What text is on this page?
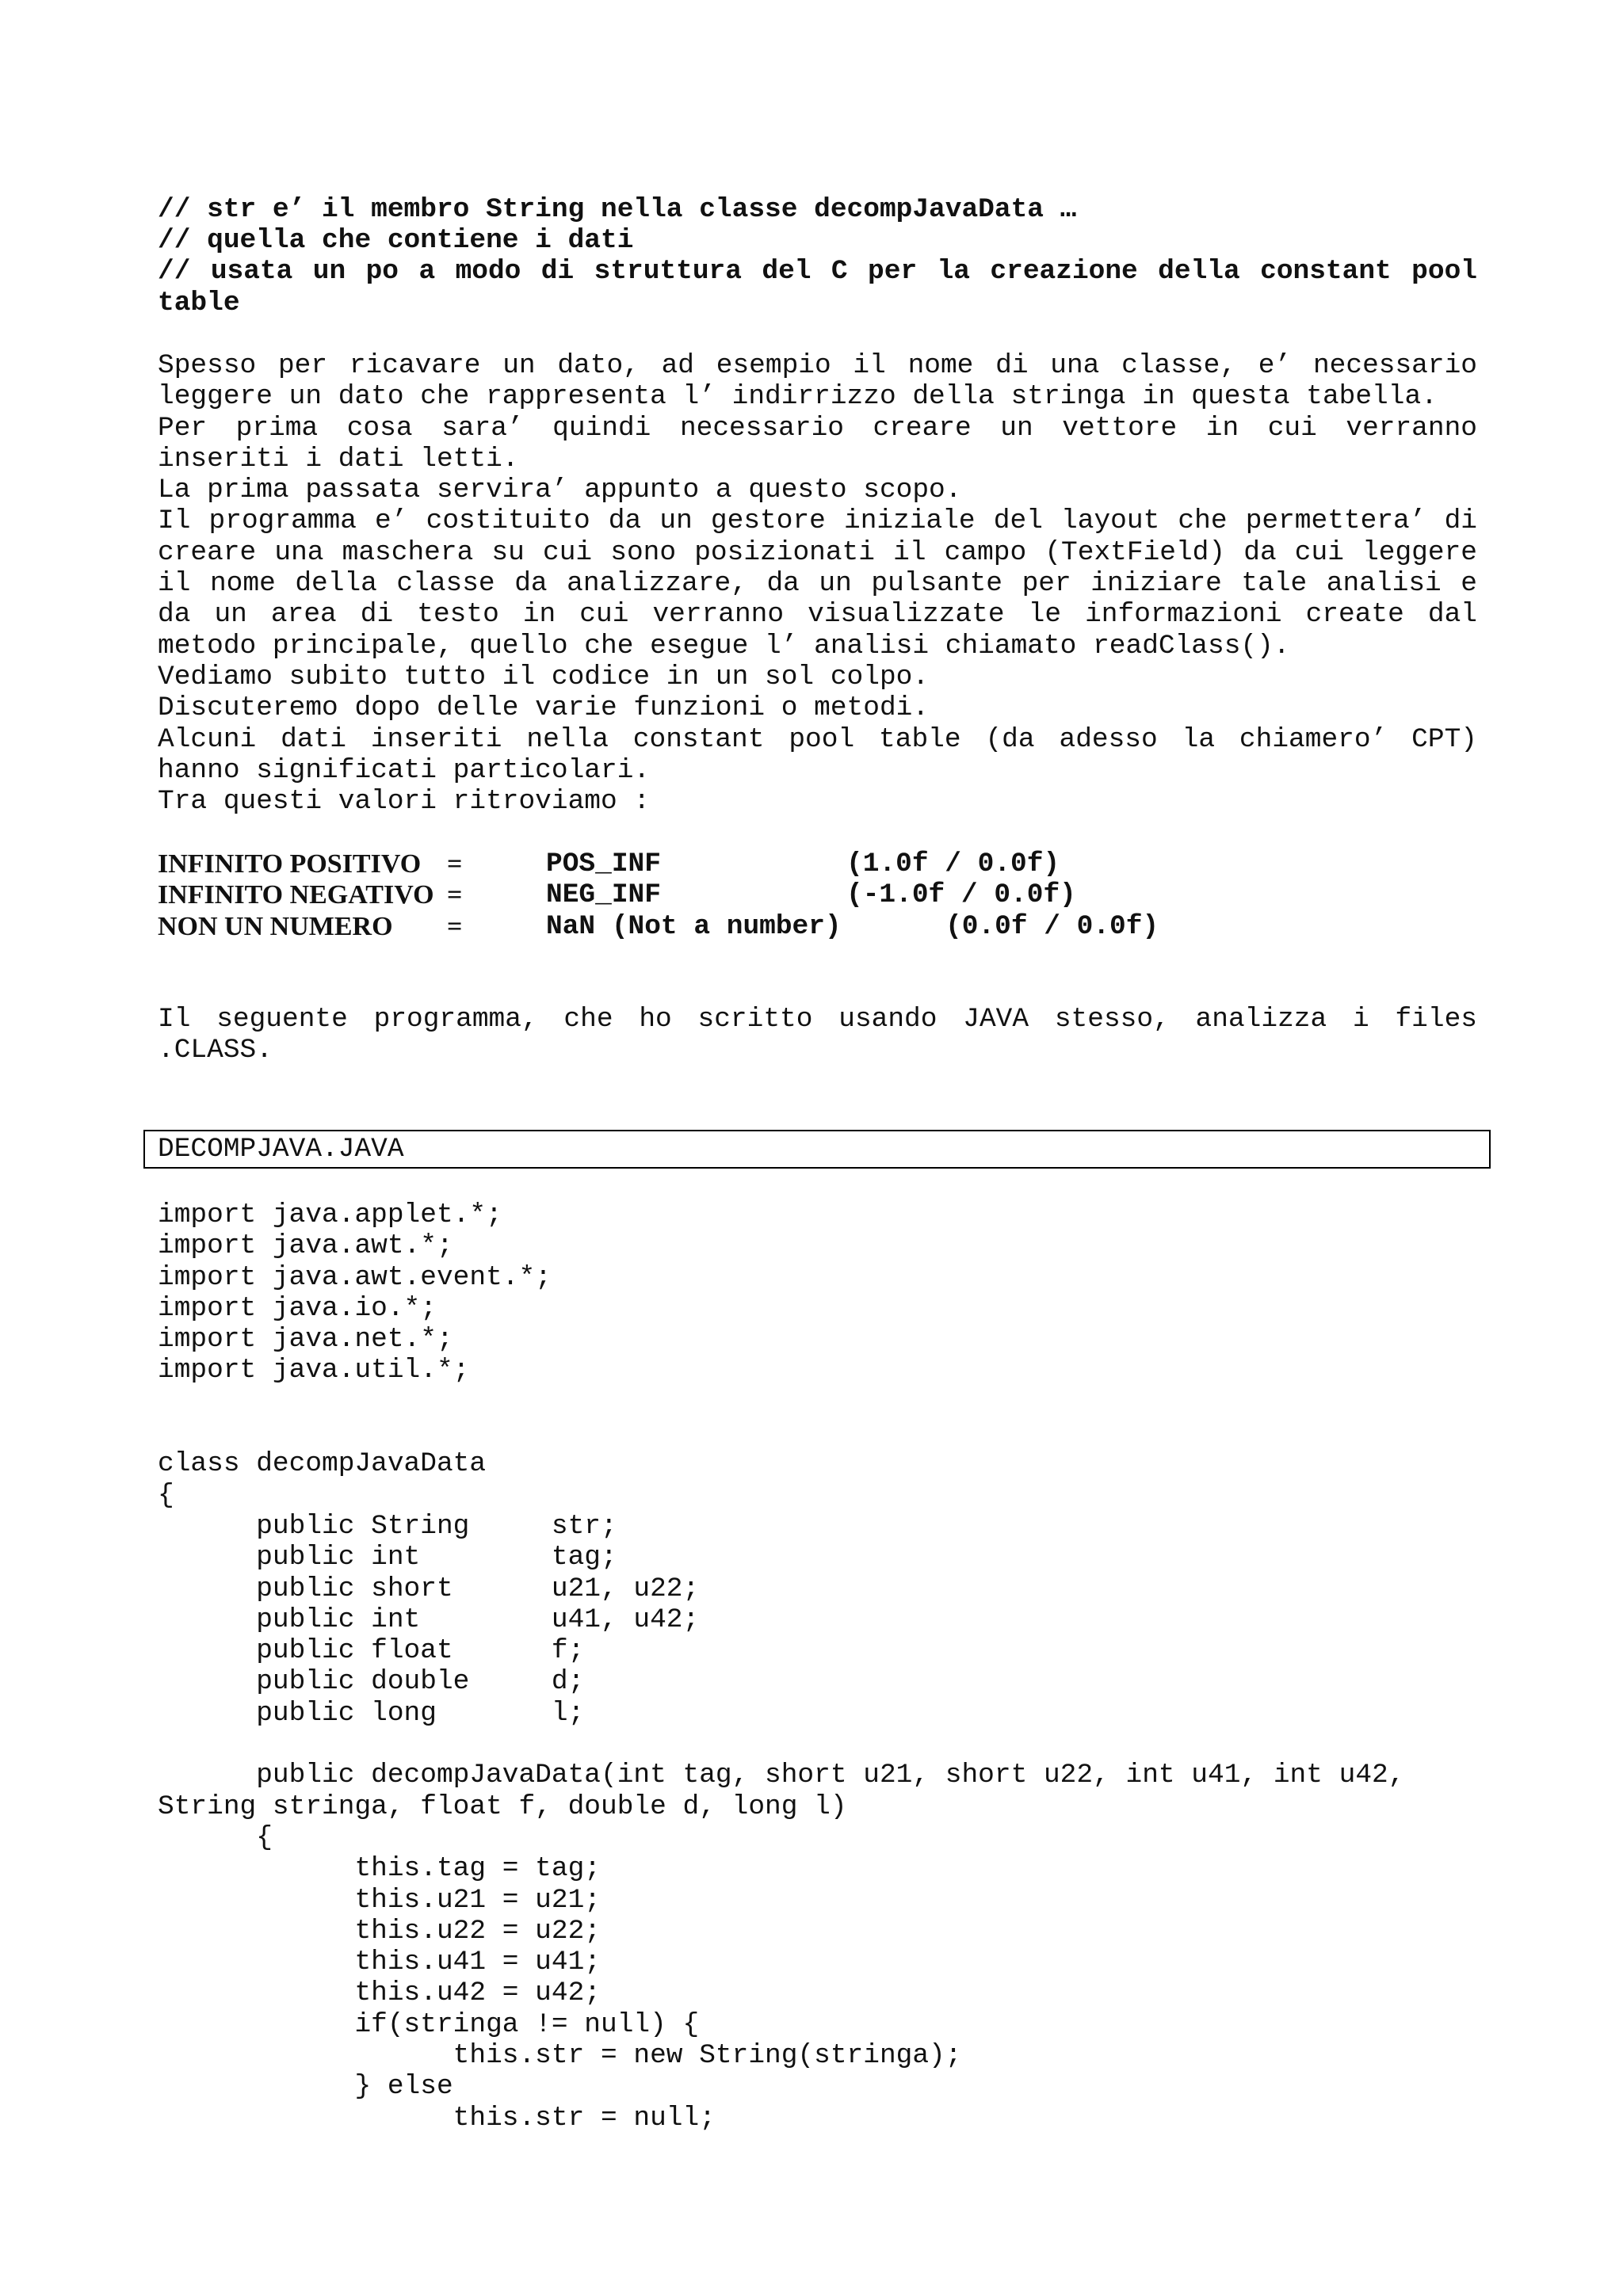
// str e’ il membro String nella classe decompJavaData …
// quella che contiene i dati
// usata un po a modo di struttura del C per la creazione della constant pool
table
Spesso per ricavare un dato, ad esempio il nome di una classe, e’ necessario
leggere un dato che rappresenta l’ indirrizzo della stringa in questa tabella.
Per prima cosa sara’ quindi necessario creare un vettore in cui verranno
inseriti i dati letti.
La prima passata servira’ appunto a questo scopo.
Il programma e’ costituito da un gestore iniziale del layout che permettera’ di
creare una maschera su cui sono posizionati il campo (TextField) da cui leggere
il nome della classe da analizzare, da un pulsante per iniziare tale analisi e
da un area di testo in cui verranno visualizzate le informazioni create dal
metodo principale, quello che esegue l’ analisi chiamato readClass().
Vediamo subito tutto il codice in un sol colpo.
Discuteremo dopo delle varie funzioni o metodi.
Alcuni dati inseriti nella constant pool table (da adesso la chiamero’ CPT)
hanno significati particolari.
Tra questi valori ritroviamo :
INFINITO POSITIVO =	POS_INF	(1.0f / 0.0f)
INFINITO NEGATIVO =	NEG_INF	(-1.0f / 0.0f)
NON UN NUMERO =	NaN (Not a number)	(0.0f / 0.0f)
Il seguente programma, che ho scritto usando JAVA stesso, analizza i files
.CLASS.
DECOMPJAVA.JAVA
import java.applet.*;
import java.awt.*;
import java.awt.event.*;
import java.io.*;
import java.net.*;
import java.util.*;
class decompJavaData
{
public String     str;
public int        tag;
public short      u21, u22;
public int        u41, u42;
public float      f;
public double     d;
public long       l;
public decompJavaData(int tag, short u21, short u22, int u41, int u42,
String stringa, float f, double d, long l)
{
this.tag = tag;
this.u21 = u21;
this.u22 = u22;
this.u41 = u41;
this.u42 = u42;
if(stringa != null) {
this.str = new String(stringa);
} else
this.str = null;
